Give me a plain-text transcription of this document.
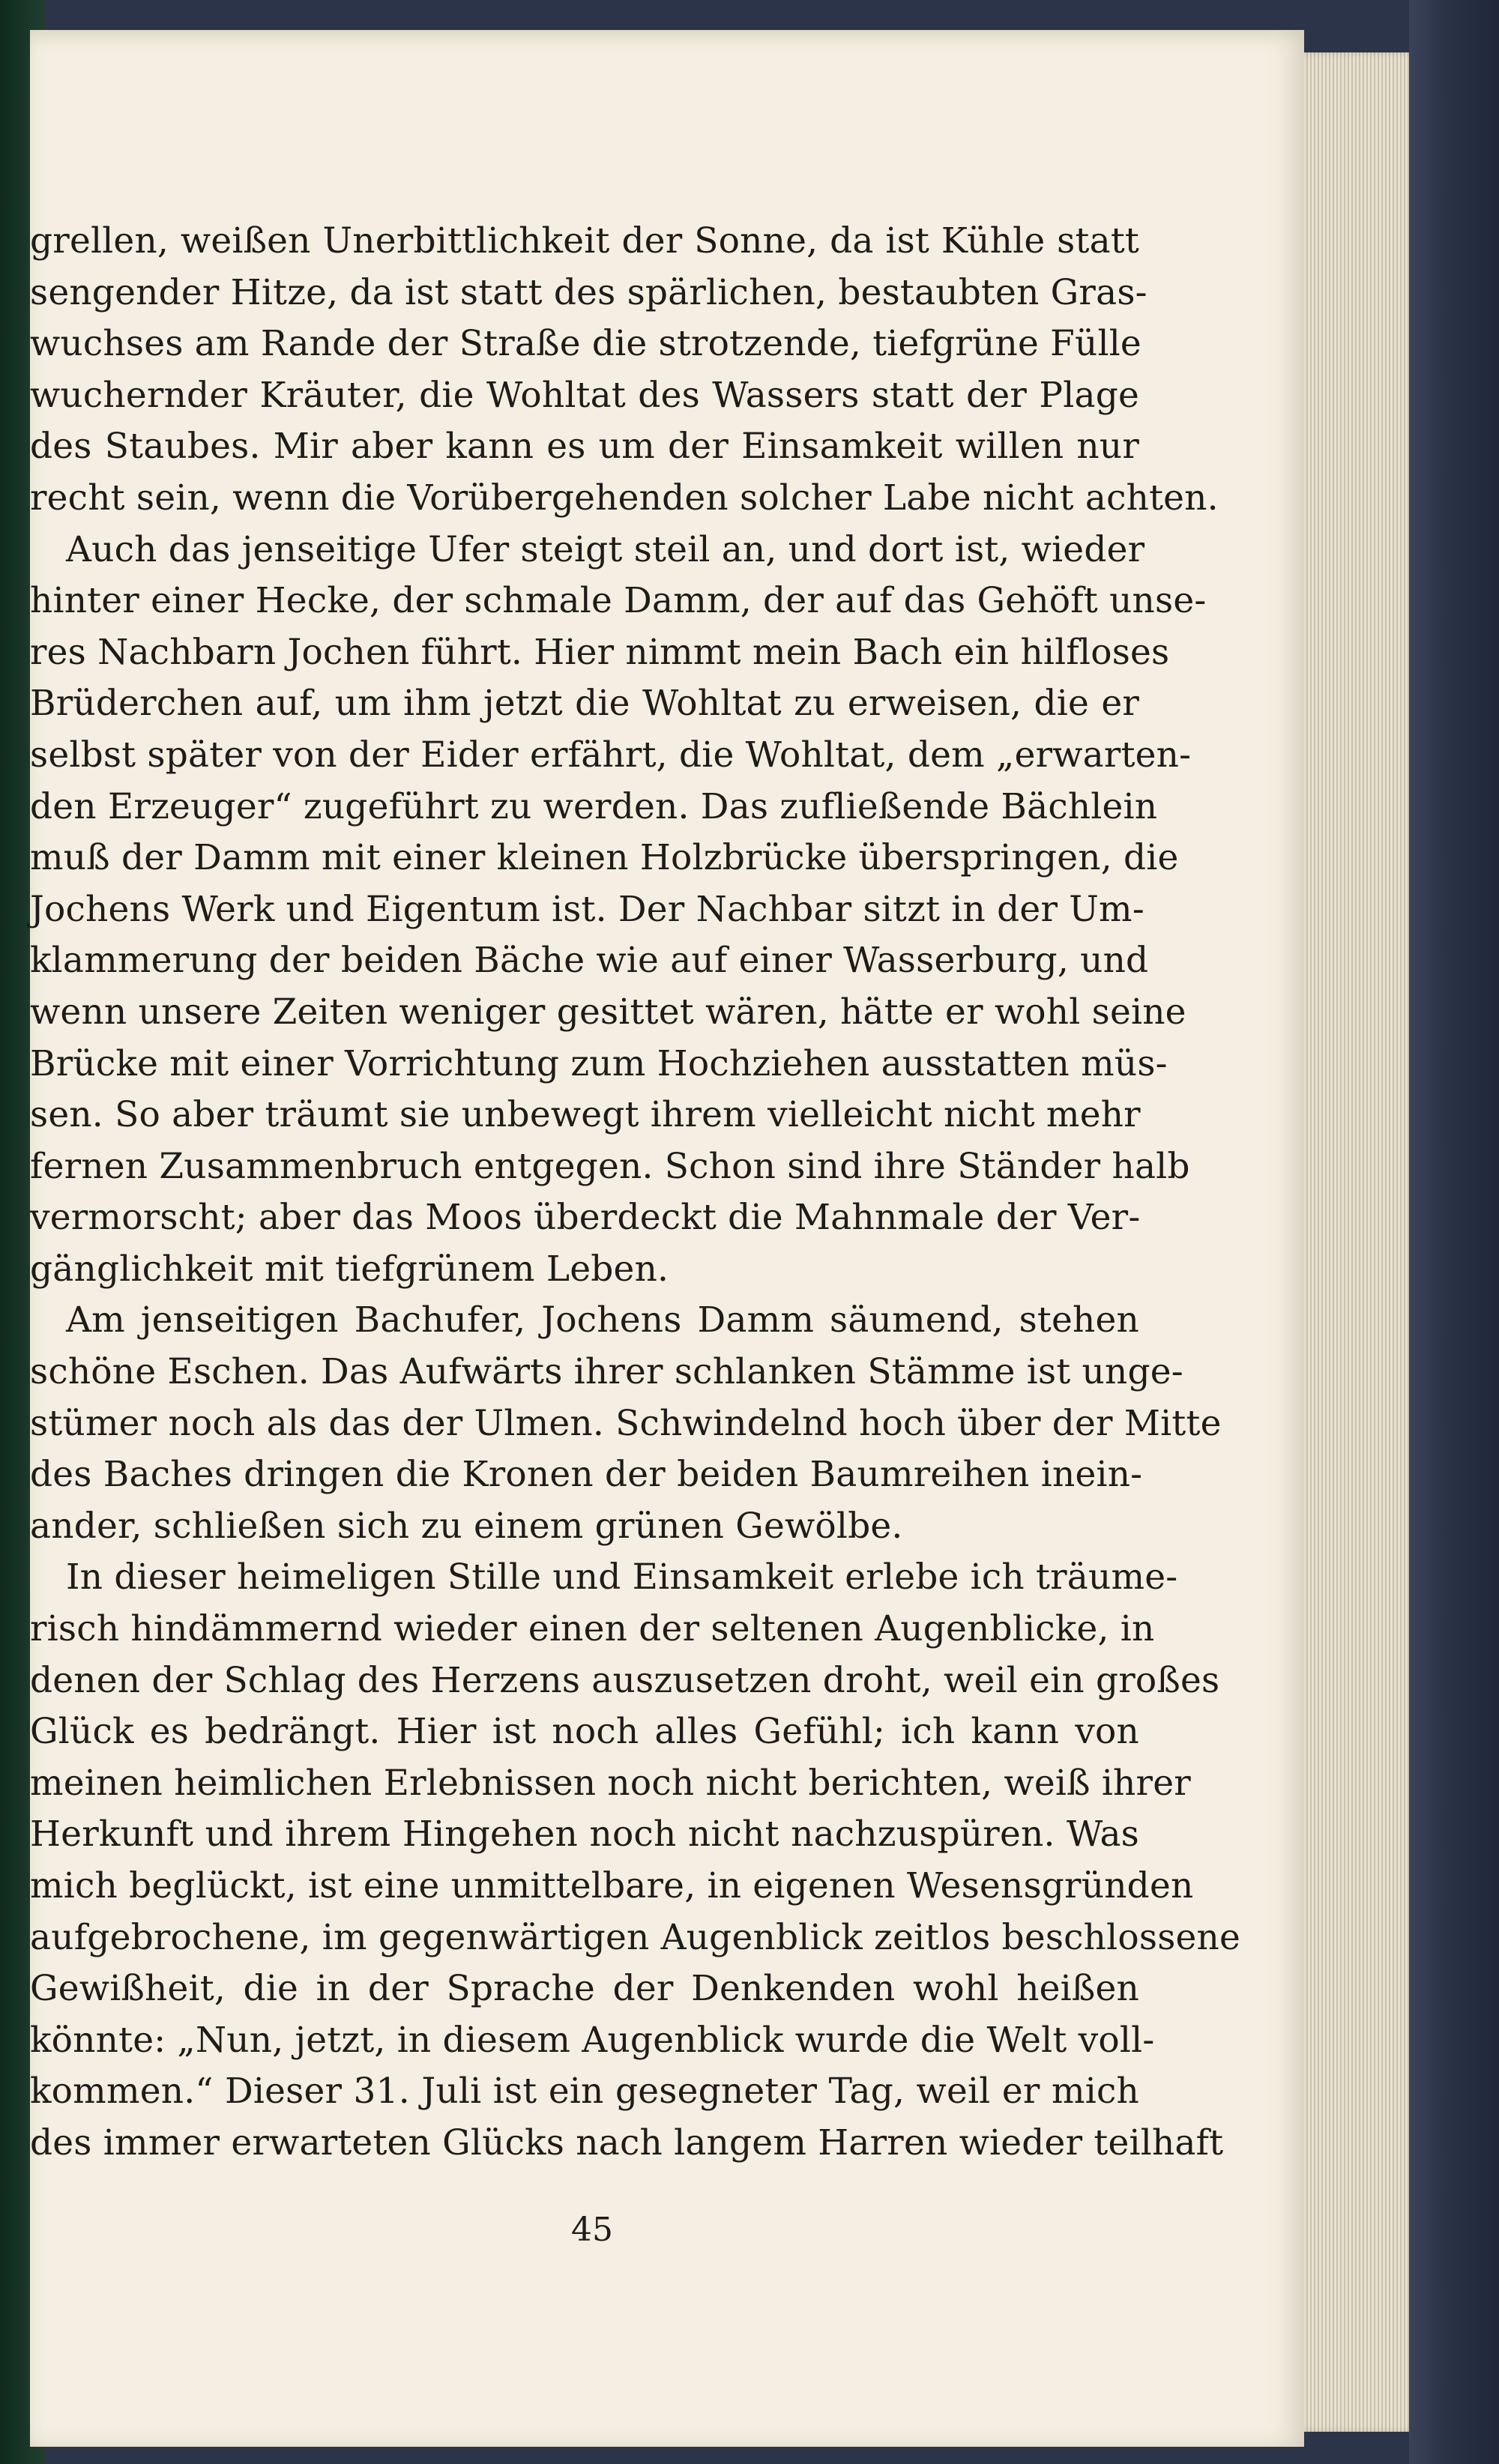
grellen, weißen Unerbittlichkeit der Sonne, da ist Kühle statt
sengender Hitze, da ist statt des spärlichen, bestaubten Gras-
wuchses am Rande der Straße die strotzende, tiefgrüne Fülle
wuchernder Kräuter, die Wohltat des Wassers statt der Plage
des Staubes. Mir aber kann es um der Einsamkeit willen nur
recht sein, wenn die Vorübergehenden solcher Labe nicht achten.
Auch das jenseitige Ufer steigt steil an, und dort ist, wieder
hinter einer Hecke, der schmale Damm, der auf das Gehöft unse-
res Nachbarn Jochen führt. Hier nimmt mein Bach ein hilfloses
Brüderchen auf, um ihm jetzt die Wohltat zu erweisen, die er
selbst später von der Eider erfährt, die Wohltat, dem „erwarten-
den Erzeuger“ zugeführt zu werden. Das zufließende Bächlein
muß der Damm mit einer kleinen Holzbrücke überspringen, die
Jochens Werk und Eigentum ist. Der Nachbar sitzt in der Um-
klammerung der beiden Bäche wie auf einer Wasserburg, und
wenn unsere Zeiten weniger gesittet wären, hätte er wohl seine
Brücke mit einer Vorrichtung zum Hochziehen ausstatten müs-
sen. So aber träumt sie unbewegt ihrem vielleicht nicht mehr
fernen Zusammenbruch entgegen. Schon sind ihre Ständer halb
vermorscht; aber das Moos überdeckt die Mahnmale der Ver-
gänglichkeit mit tiefgrünem Leben.
Am jenseitigen Bachufer, Jochens Damm säumend, stehen
schöne Eschen. Das Aufwärts ihrer schlanken Stämme ist unge-
stümer noch als das der Ulmen. Schwindelnd hoch über der Mitte
des Baches dringen die Kronen der beiden Baumreihen inein-
ander, schließen sich zu einem grünen Gewölbe.
In dieser heimeligen Stille und Einsamkeit erlebe ich träume-
risch hindämmernd wieder einen der seltenen Augenblicke, in
denen der Schlag des Herzens auszusetzen droht, weil ein großes
Glück es bedrängt. Hier ist noch alles Gefühl; ich kann von
meinen heimlichen Erlebnissen noch nicht berichten, weiß ihrer
Herkunft und ihrem Hingehen noch nicht nachzuspüren. Was
mich beglückt, ist eine unmittelbare, in eigenen Wesensgründen
aufgebrochene, im gegenwärtigen Augenblick zeitlos beschlossene
Gewißheit, die in der Sprache der Denkenden wohl heißen
könnte: „Nun, jetzt, in diesem Augenblick wurde die Welt voll-
kommen.“ Dieser 31. Juli ist ein gesegneter Tag, weil er mich
des immer erwarteten Glücks nach langem Harren wieder teilhaft
45
